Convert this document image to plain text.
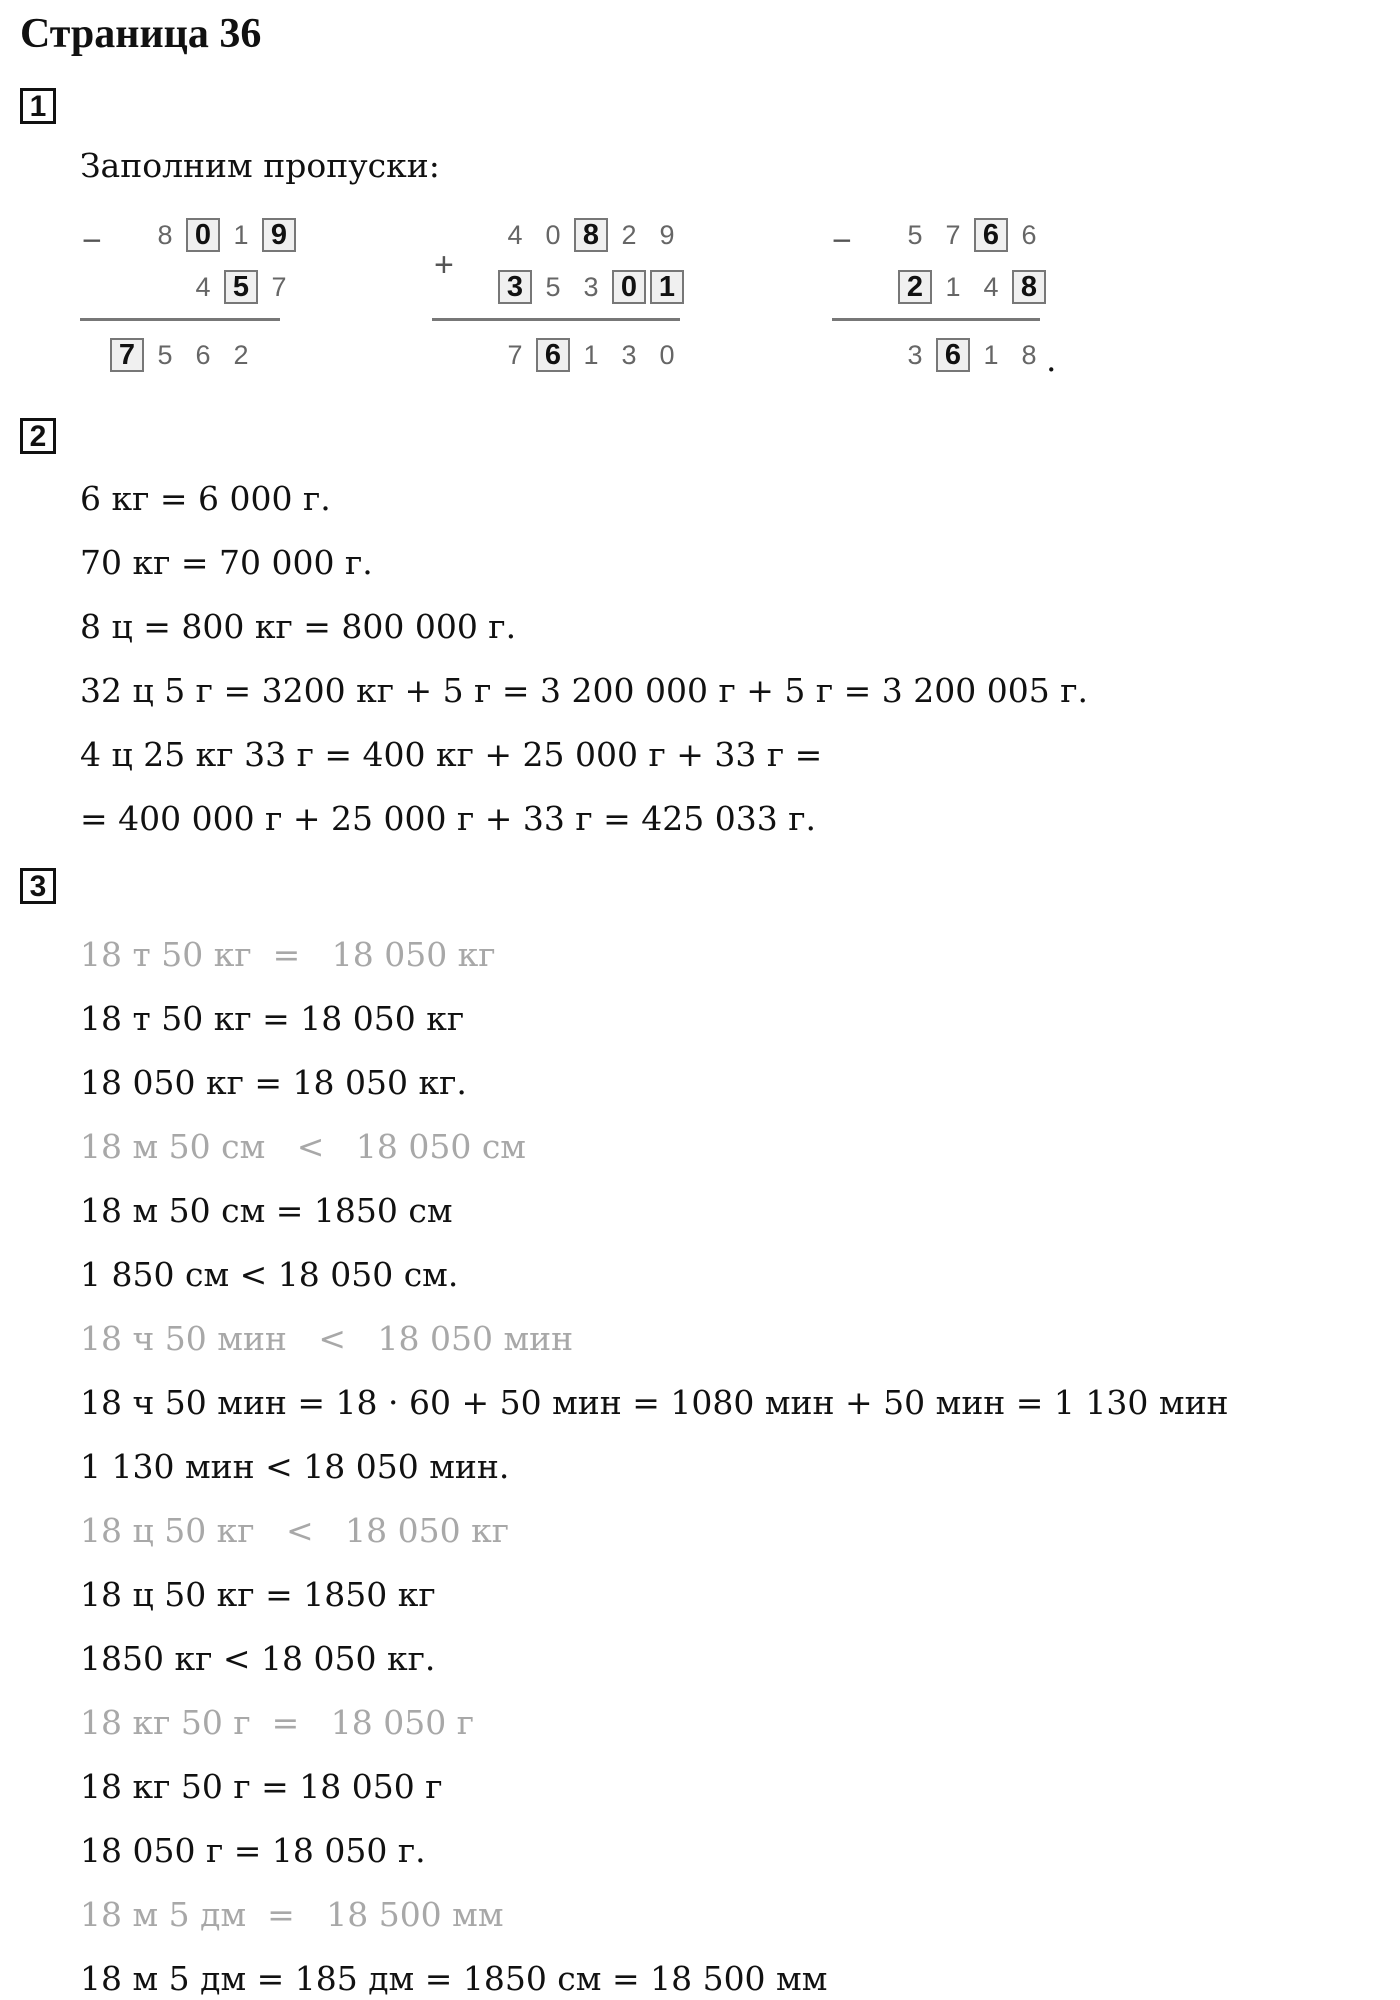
Страница 36
1
Заполним пропуски:
−	8 0 1 9
4 5 7
7 5 6 2
+
4 0 8 2 9
3 5 3 0 1
7 6 1 3 0
−	5 7 6 6
2 1 4 8
3 6 1 8 .
2
6 кг = 6 000 г.
70 кг = 70 000 г.
8 ц = 800 кг = 800 000 г.
32 ц 5 г = 3200 кг + 5 г = 3 200 000 г + 5 г = 3 200 005 г.
4 ц 25 кг 33 г = 400 кг + 25 000 г + 33 г =
= 400 000 г + 25 000 г + 33 г = 425 033 г.
3
18 т 50 кг  =   18 050 кг
18 т 50 кг = 18 050 кг
18 050 кг = 18 050 кг.
18 м 50 см   <   18 050 см
18 м 50 см = 1850 см
1 850 см < 18 050 см.
18 ч 50 мин   <   18 050 мин
18 ч 50 мин = 18 · 60 + 50 мин = 1080 мин + 50 мин = 1 130 мин
1 130 мин < 18 050 мин.
18 ц 50 кг   <   18 050 кг
18 ц 50 кг = 1850 кг
1850 кг < 18 050 кг.
18 кг 50 г  =   18 050 г
18 кг 50 г = 18 050 г
18 050 г = 18 050 г.
18 м 5 дм  =   18 500 мм
18 м 5 дм = 185 дм = 1850 см = 18 500 мм
